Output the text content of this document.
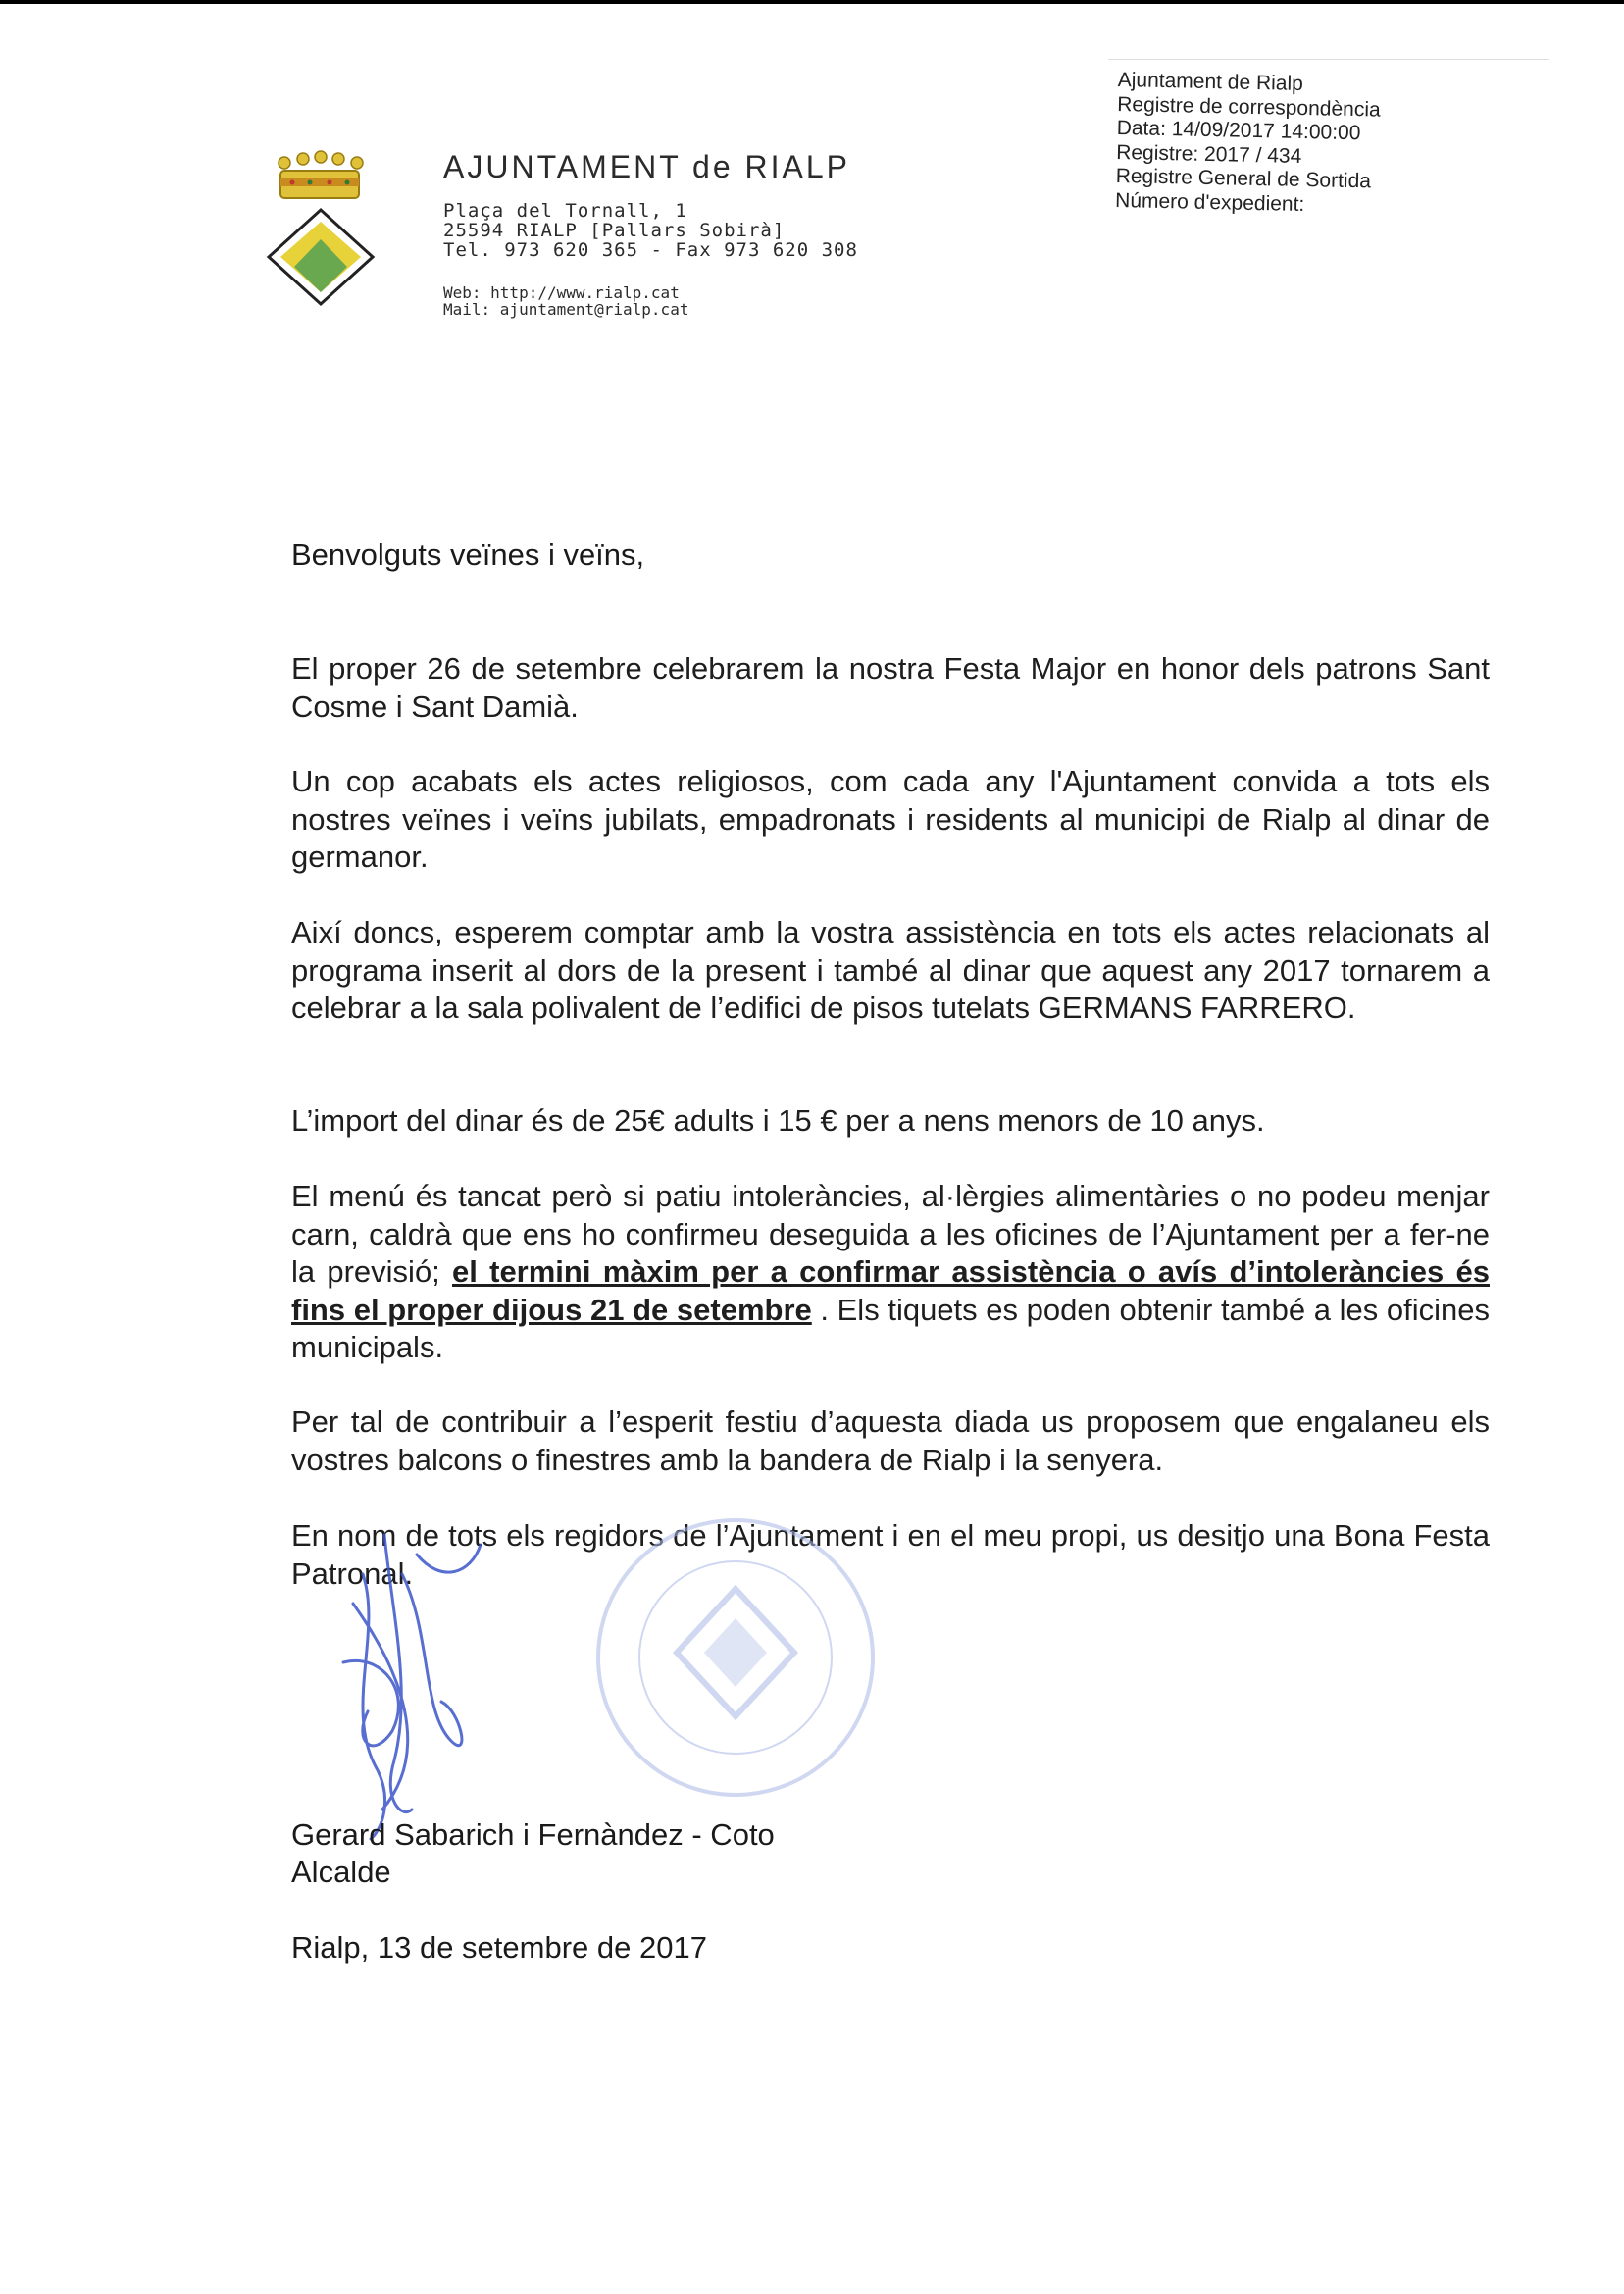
AJUNTAMENT de RIALP
Plaça del Tornall, 1
25594 RIALP [Pallars Sobirà]
Tel. 973 620 365 - Fax 973 620 308
Web: http://www.rialp.cat
Mail: ajuntament@rialp.cat
Ajuntament de Rialp
Registre de correspondència
Data: 14/09/2017 14:00:00
Registre: 2017 / 434
Registre General de Sortida
Número d'expedient:
Benvolguts veïnes i veïns,

El proper 26 de setembre celebrarem la nostra Festa Major en honor dels patrons Sant Cosme i Sant Damià.

Un cop acabats els actes religiosos, com cada any l'Ajuntament convida a tots els nostres veïnes i veïns jubilats, empadronats i residents al municipi de Rialp al dinar de germanor.

Així doncs, esperem comptar amb la vostra assistència en tots els actes relacionats al programa inserit al dors de la present i també al dinar que aquest any 2017 tornarem a celebrar a la sala polivalent de l’edifici de pisos tutelats GERMANS FARRERO.

L’import del dinar és de 25€ adults i 15 € per a nens menors de 10 anys.

El menú és tancat però si patiu intoleràncies, al·lèrgies alimentàries o no podeu menjar carn, caldrà que ens ho confirmeu deseguida a les oficines de l’Ajuntament per a fer-ne la previsió; el termini màxim per a confirmar assistència o avís d’intoleràncies és fins el proper dijous 21 de setembre . Els tiquets es poden obtenir també a les oficines municipals.

Per tal de contribuir a l’esperit festiu d’aquesta diada us proposem que engalaneu els vostres balcons o finestres amb la bandera de Rialp i la senyera.

En nom de tots els regidors de l’Ajuntament i en el meu propi, us desitjo una Bona Festa Patronal.

Gerard Sabarich i Fernàndez - Coto
Alcalde
Rialp, 13 de setembre de 2017
